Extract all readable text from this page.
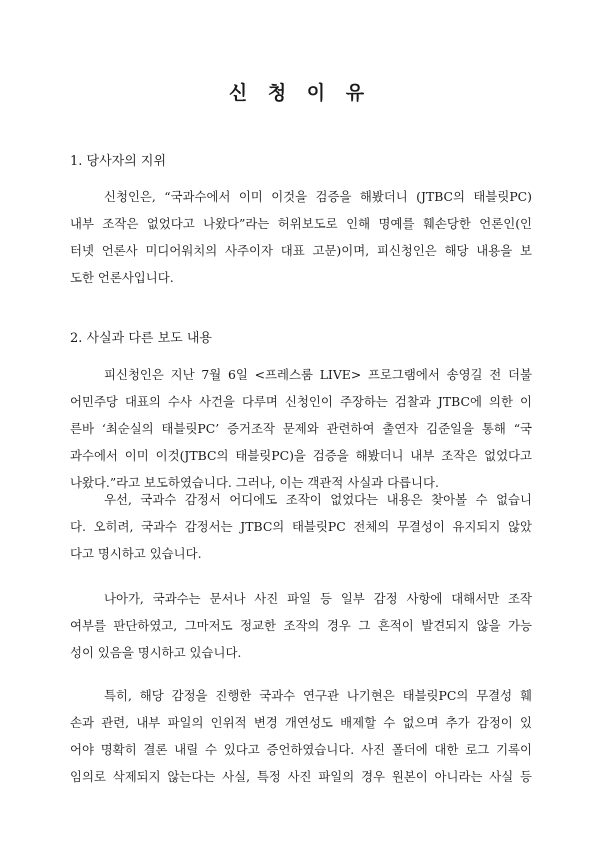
신 청 이 유
1. 당사자의 지위

신청인은, “국과수에서 이미 이것을 검증을 해봤더니 (JTBC의 태블릿PC)
내부 조작은 없었다고 나왔다”라는 허위보도로 인해 명예를 훼손당한 언론인(인
터넷 언론사 미디어워치의 사주이자 대표 고문)이며, 피신청인은 해당 내용을 보
도한 언론사입니다.

2. 사실과 다른 보도 내용

피신청인은 지난 7월 6일 <프레스룸 LIVE> 프로그램에서 송영길 전 더불
어민주당 대표의 수사 사건을 다루며 신청인이 주장하는 검찰과 JTBC에 의한 이
른바 ‘최순실의 태블릿PC’ 증거조작 문제와 관련하여 출연자 김준일을 통해 “국
과수에서 이미 이것(JTBC의 태블릿PC)을 검증을 해봤더니 내부 조작은 없었다고
나왔다.”라고 보도하였습니다. 그러나, 이는 객관적 사실과 다릅니다.

우선, 국과수 감정서 어디에도 조작이 없었다는 내용은 찾아볼 수 없습니
다. 오히려, 국과수 감정서는 JTBC의 태블릿PC 전체의 무결성이 유지되지 않았
다고 명시하고 있습니다.

나아가, 국과수는 문서나 사진 파일 등 일부 감정 사항에 대해서만 조작
여부를 판단하였고, 그마저도 정교한 조작의 경우 그 흔적이 발견되지 않을 가능
성이 있음을 명시하고 있습니다.

특히, 해당 감정을 진행한 국과수 연구관 나기현은 태블릿PC의 무결성 훼
손과 관련, 내부 파일의 인위적 변경 개연성도 배제할 수 없으며 추가 감정이 있
어야 명확히 결론 내릴 수 있다고 증언하였습니다. 사진 폴더에 대한 로그 기록이
임의로 삭제되지 않는다는 사실, 특정 사진 파일의 경우 원본이 아니라는 사실 등
